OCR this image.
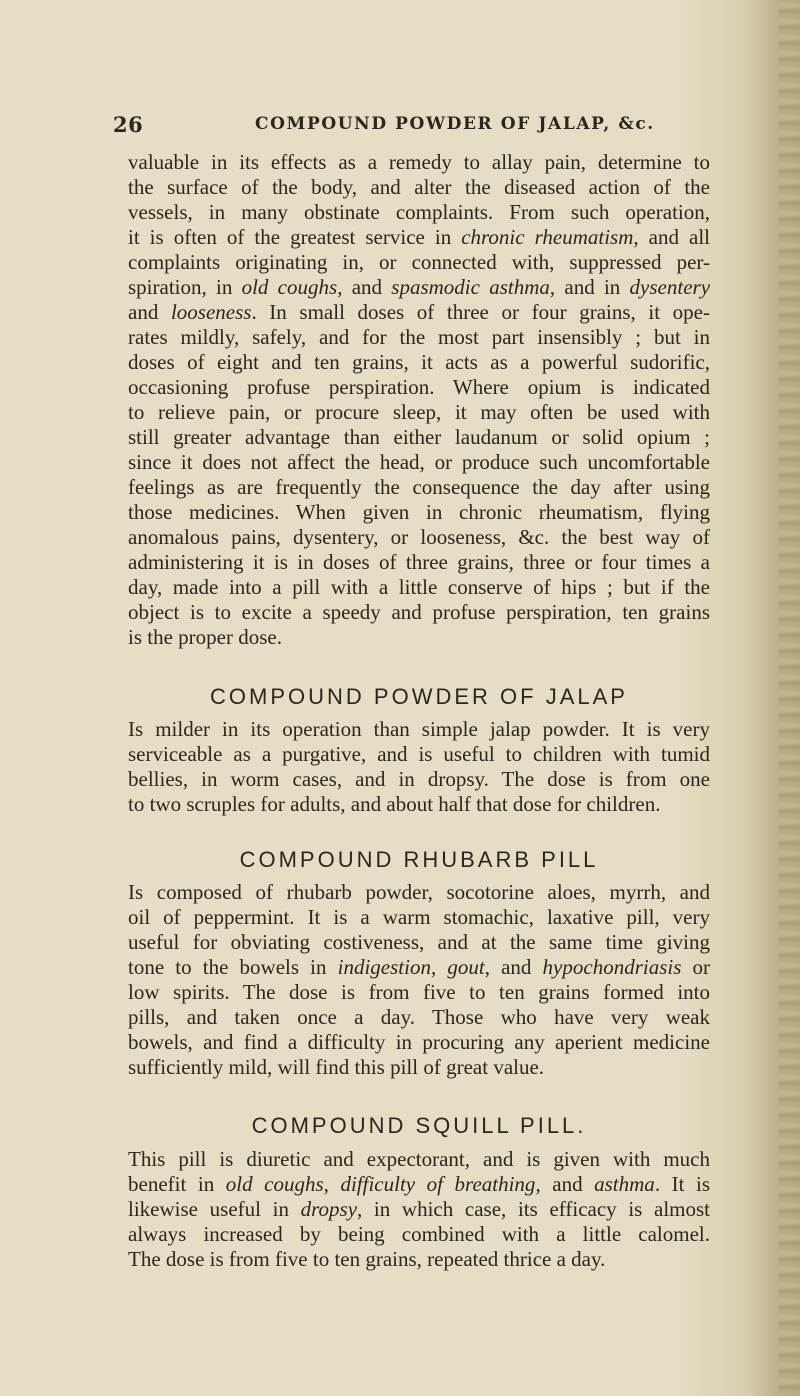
26	COMPOUND POWDER OF JALAP, &c.
valuable in its effects as a remedy to allay pain, determine to
the surface of the body, and alter the diseased action of the
vessels, in many obstinate complaints. From such operation,
it is often of the greatest service in chronic rheumatism, and all
complaints originating in, or connected with, suppressed per-
spiration, in old coughs, and spasmodic asthma, and in dysentery
and looseness. In small doses of three or four grains, it ope-
rates mildly, safely, and for the most part insensibly ; but in
doses of eight and ten grains, it acts as a powerful sudorific,
occasioning profuse perspiration. Where opium is indicated
to relieve pain, or procure sleep, it may often be used with
still greater advantage than either laudanum or solid opium ;
since it does not affect the head, or produce such uncomfortable
feelings as are frequently the consequence the day after using
those medicines. When given in chronic rheumatism, flying
anomalous pains, dysentery, or looseness, &c. the best way of
administering it is in doses of three grains, three or four times a
day, made into a pill with a little conserve of hips ; but if the
object is to excite a speedy and profuse perspiration, ten grains
is the proper dose.
COMPOUND POWDER OF JALAP
Is milder in its operation than simple jalap powder. It is very
serviceable as a purgative, and is useful to children with tumid
bellies, in worm cases, and in dropsy. The dose is from one
to two scruples for adults, and about half that dose for children.
COMPOUND RHUBARB PILL
Is composed of rhubarb powder, socotorine aloes, myrrh, and
oil of peppermint. It is a warm stomachic, laxative pill, very
useful for obviating costiveness, and at the same time giving
tone to the bowels in indigestion, gout, and hypochondriasis or
low spirits. The dose is from five to ten grains formed into
pills, and taken once a day. Those who have very weak
bowels, and find a difficulty in procuring any aperient medicine
sufficiently mild, will find this pill of great value.
COMPOUND SQUILL PILL.
This pill is diuretic and expectorant, and is given with much
benefit in old coughs, difficulty of breathing, and asthma. It is
likewise useful in dropsy, in which case, its efficacy is almost
always increased by being combined with a little calomel.
The dose is from five to ten grains, repeated thrice a day.
